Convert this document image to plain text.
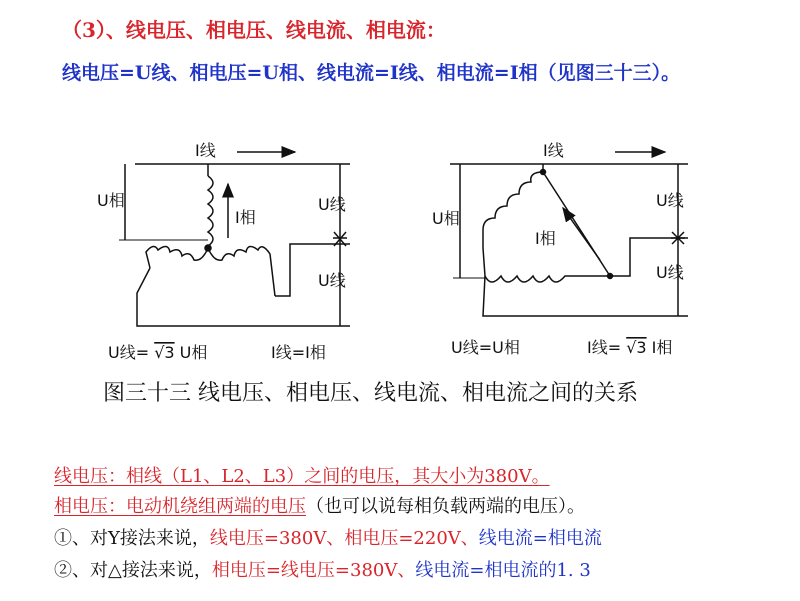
（3）、线电压、相电压、线电流、相电流：
线电压=U线、相电压=U相、线电流=I线、相电流=I相（见图三十三）。
I线
U相
I相
U线
U线
U线= √3 U相	I线=I相
I线
U相
I相
U线
U线
U线=U相	I线= √3 I相
图三十三 线电压、相电压、线电流、相电流之间的关系
线电压：相线（L1、L2、L3）之间的电压，其大小为380V。
相电压：电动机绕组两端的电压（也可以说每相负载两端的电压）。
①、对Y接法来说，线电压=380V、相电压=220V、线电流=相电流
②、对△接法来说，相电压=线电压=380V、线电流=相电流的1. 3
